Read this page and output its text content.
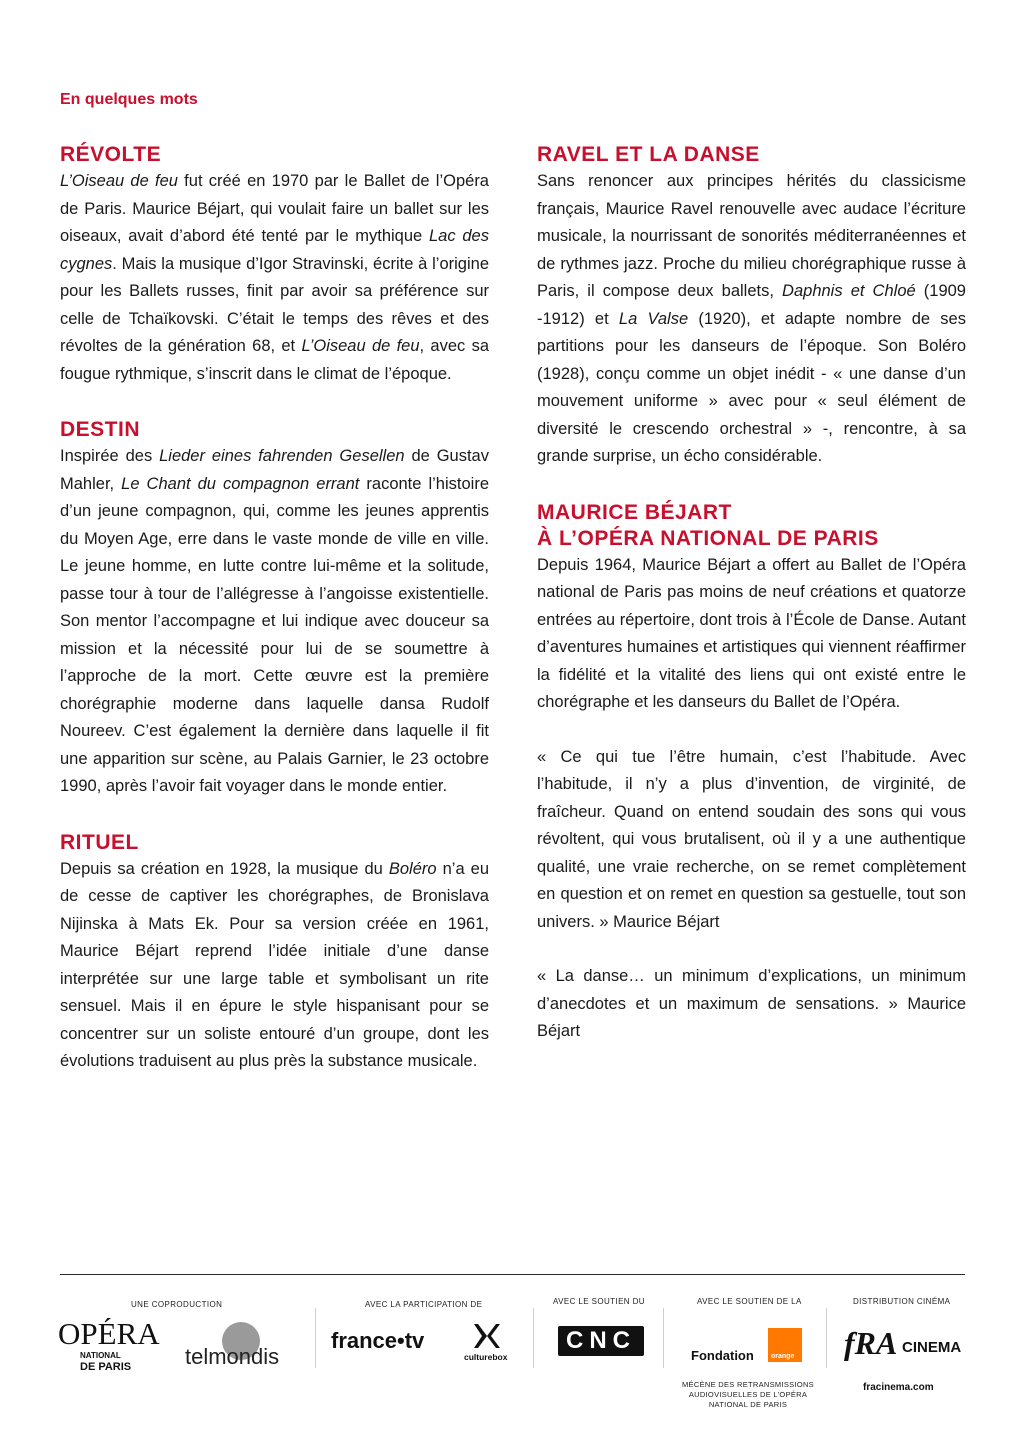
En quelques mots
RÉVOLTE

L’Oiseau de feu fut créé en 1970 par le Ballet de l’Opéra de Paris. Maurice Béjart, qui voulait faire un ballet sur les oiseaux, avait d’abord été tenté par le mythique Lac des cygnes. Mais la musique d’Igor Stravinski, écrite à l’origine pour les Ballets russes, finit par avoir sa préférence sur celle de Tchaïkovski. C’était le temps des rêves et des révoltes de la génération 68, et L’Oiseau de feu, avec sa fougue rythmique, s’inscrit dans le climat de l’époque.

DESTIN

Inspirée des Lieder eines fahrenden Gesellen de Gustav Mahler, Le Chant du compagnon errant raconte l’histoire d’un jeune compagnon, qui, comme les jeunes apprentis du Moyen Age, erre dans le vaste monde de ville en ville. Le jeune homme, en lutte contre lui-même et la solitude, passe tour à tour de l’allégresse à l’angoisse existentielle. Son mentor l’accompagne et lui indique avec douceur sa mission et la nécessité pour lui de se soumettre à l’approche de la mort. Cette œuvre est la première chorégraphie moderne dans laquelle dansa Rudolf Noureev. C’est également la dernière dans laquelle il fit une apparition sur scène, au Palais Garnier, le 23 octobre 1990, après l’avoir fait voyager dans le monde entier.

RITUEL

Depuis sa création en 1928, la musique du Boléro n’a eu de cesse de captiver les chorégraphes, de Bronislava Nijinska à Mats Ek. Pour sa version créée en 1961, Maurice Béjart reprend l’idée initiale d’une danse interprétée sur une large table et symbolisant un rite sensuel. Mais il en épure le style hispanisant pour se concentrer sur un soliste entouré d’un groupe, dont les évolutions traduisent au plus près la substance musicale.

RAVEL ET LA DANSE

Sans renoncer aux principes hérités du classicisme français, Maurice Ravel renouvelle avec audace l’écriture musicale, la nourrissant de sonorités méditerranéennes et de rythmes jazz. Proche du milieu chorégraphique russe à Paris, il compose deux ballets, Daphnis et Chloé (1909 -1912) et La Valse (1920), et adapte nombre de ses partitions pour les danseurs de l’époque. Son Boléro (1928), conçu comme un objet inédit - « une danse d’un mouvement uniforme » avec pour « seul élément de diversité le crescendo orchestral » -, rencontre, à sa grande surprise, un écho considérable.

MAURICE BÉJART
À L’OPÉRA NATIONAL DE PARIS

Depuis 1964, Maurice Béjart a offert au Ballet de l’Opéra national de Paris pas moins de neuf créations et quatorze entrées au répertoire, dont trois à l’École de Danse. Autant d’aventures humaines et artistiques qui viennent réaffirmer la fidélité et la vitalité des liens qui ont existé entre le chorégraphe et les danseurs du Ballet de l’Opéra.

« Ce qui tue l’être humain, c’est l’habitude. Avec l’habitude, il n’y a plus d’invention, de virginité, de fraîcheur. Quand on entend soudain des sons qui vous révoltent, qui vous brutalisent, où il y a une authentique qualité, une vraie recherche, on se remet complètement en question et on remet en question sa gestuelle, tout son univers. » Maurice Béjart

« La danse… un minimum d’explications, un minimum d’anecdotes et un maximum de sensations. » Maurice Béjart

UNE COPRODUCTION	AVEC LA PARTICIPATION DE	AVEC LE SOUTIEN DU	AVEC LE SOUTIEN DE LA	DISTRIBUTION CINÉMA
OPÉRA
NATIONAL
DE PARIS telmondis
france•tv
culturebox
CNC
Fondation orange
MÉCÈNE DES RETRANSMISSIONS AUDIOVISUELLES DE L’OPÉRA NATIONAL DE PARIS
fRA CINEMA
fracinema.com
